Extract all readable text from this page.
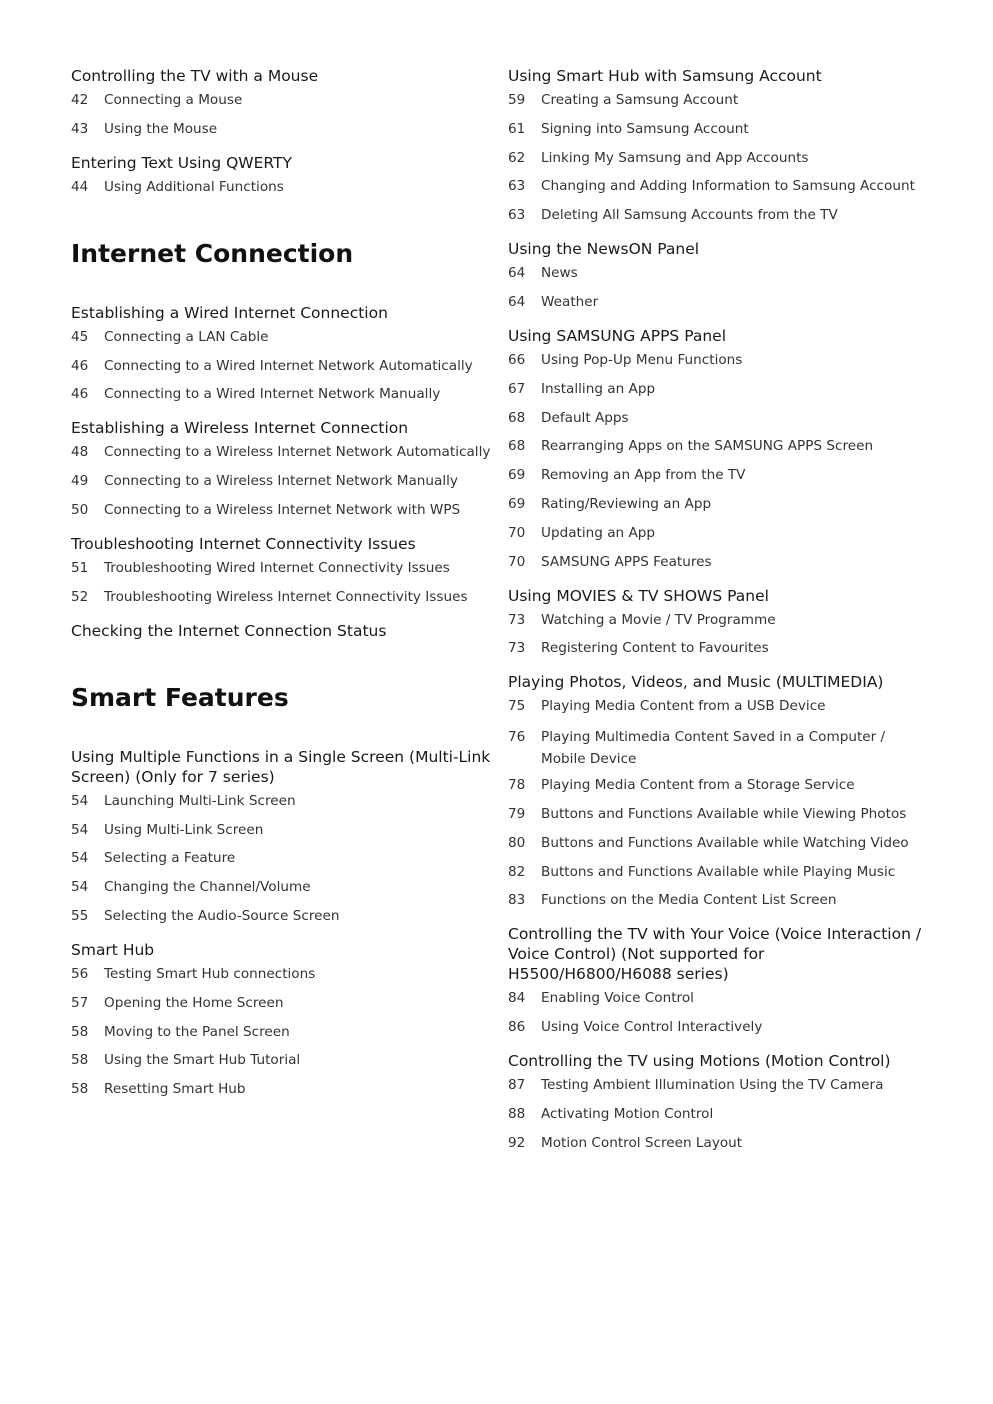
Controlling the TV with a Mouse
42	Connecting a Mouse
43	Using the Mouse
Entering Text Using QWERTY
44	Using Additional Functions
Internet Connection
Establishing a Wired Internet Connection
45	Connecting a LAN Cable
46	Connecting to a Wired Internet Network Automatically
46	Connecting to a Wired Internet Network Manually
Establishing a Wireless Internet Connection
48	Connecting to a Wireless Internet Network Automatically
49	Connecting to a Wireless Internet Network Manually
50	Connecting to a Wireless Internet Network with WPS
Troubleshooting Internet Connectivity Issues
51	Troubleshooting Wired Internet Connectivity Issues
52	Troubleshooting Wireless Internet Connectivity Issues
Checking the Internet Connection Status
Smart Features
Using Multiple Functions in a Single Screen (Multi-Link Screen) (Only for 7 series)
54	Launching Multi-Link Screen
54	Using Multi-Link Screen
54	Selecting a Feature
54	Changing the Channel/Volume
55	Selecting the Audio-Source Screen
Smart Hub
56	Testing Smart Hub connections
57	Opening the Home Screen
58	Moving to the Panel Screen
58	Using the Smart Hub Tutorial
58	Resetting Smart Hub
Using Smart Hub with Samsung Account
59	Creating a Samsung Account
61	Signing into Samsung Account
62	Linking My Samsung and App Accounts
63	Changing and Adding Information to Samsung Account
63	Deleting All Samsung Accounts from the TV
Using the NewsON Panel
64	News
64	Weather
Using SAMSUNG APPS Panel
66	Using Pop-Up Menu Functions
67	Installing an App
68	Default Apps
68	Rearranging Apps on the SAMSUNG APPS Screen
69	Removing an App from the TV
69	Rating/Reviewing an App
70	Updating an App
70	SAMSUNG APPS Features
Using MOVIES & TV SHOWS Panel
73	Watching a Movie / TV Programme
73	Registering Content to Favourites
Playing Photos, Videos, and Music (MULTIMEDIA)
75	Playing Media Content from a USB Device
76	Playing Multimedia Content Saved in a Computer / Mobile Device
78	Playing Media Content from a Storage Service
79	Buttons and Functions Available while Viewing Photos
80	Buttons and Functions Available while Watching Video
82	Buttons and Functions Available while Playing Music
83	Functions on the Media Content List Screen
Controlling the TV with Your Voice (Voice Interaction / Voice Control) (Not supported for H5500/H6800/H6088 series)
84	Enabling Voice Control
86	Using Voice Control Interactively
Controlling the TV using Motions (Motion Control)
87	Testing Ambient Illumination Using the TV Camera
88	Activating Motion Control
92	Motion Control Screen Layout
